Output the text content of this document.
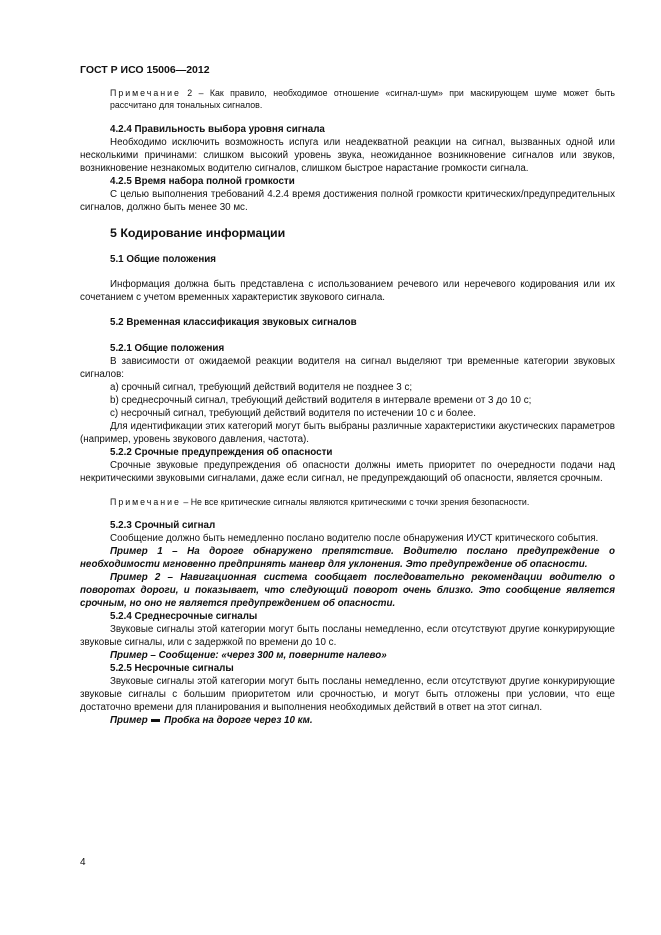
ГОСТ Р ИСО 15006—2012

Примечание 2 – Как правило, необходимое отношение «сигнал-шум» при маскирующем шуме может быть рассчитано для тональных сигналов.

4.2.4 Правильность выбора уровня сигнала

Необходимо исключить возможность испуга или неадекватной реакции на сигнал, вызванных одной или несколькими причинами: слишком высокий уровень звука, неожиданное возникновение сигналов или звуков, возникновение незнакомых водителю сигналов, слишком быстрое нарастание громкости сигнала.

4.2.5 Время набора полной громкости

С целью выполнения требований 4.2.4 время достижения полной громкости критических/предупредительных сигналов, должно быть менее 30 мс.

5 Кодирование информации

5.1 Общие положения

Информация должна быть представлена с использованием речевого или неречевого кодирования или их сочетанием с учетом временных характеристик звукового сигнала.

5.2 Временная классификация звуковых сигналов

5.2.1 Общие положения

В зависимости от ожидаемой реакции водителя на сигнал выделяют три временные категории звуковых сигналов:

a) срочный сигнал, требующий действий водителя не позднее 3 с;

b) среднесрочный сигнал, требующий действий водителя в интервале времени от 3 до 10 с;

c) несрочный сигнал, требующий действий водителя по истечении 10 с и более.

Для идентификации этих категорий могут быть выбраны различные характеристики акустических параметров (например, уровень звукового давления, частота).

5.2.2 Срочные предупреждения об опасности

Срочные звуковые предупреждения об опасности должны иметь приоритет по очередности подачи над некритическими звуковыми сигналами, даже если сигнал, не предупреждающий об опасности, является срочным.

Примечание – Не все критические сигналы являются критическими с точки зрения безопасности.

5.2.3 Срочный сигнал

Сообщение должно быть немедленно послано водителю после обнаружения ИУСТ критического события.

Пример 1 – На дороге обнаружено препятствие. Водителю послано предупреждение о необходимости мгновенно предпринять маневр для уклонения. Это предупреждение об опасности.

Пример 2 – Навигационная система сообщает последовательно рекомендации водителю о поворотах дороги, и показывает, что следующий поворот очень близко. Это сообщение является срочным, но оно не является предупреждением об опасности.

5.2.4 Среднесрочные сигналы

Звуковые сигналы этой категории могут быть посланы немедленно, если отсутствуют другие конкурирующие звуковые сигналы, или с задержкой по времени до 10 с.

Пример – Сообщение: «через 300 м, поверните налево»

5.2.5 Несрочные сигналы

Звуковые сигналы этой категории могут быть посланы немедленно, если отсутствуют другие конкурирующие звуковые сигналы с большим приоритетом или срочностью, и могут быть отложены при условии, что еще достаточно времени для планирования и выполнения необходимых действий в ответ на этот сигнал.

Пример  Пробка на дороге через 10 км.

4
